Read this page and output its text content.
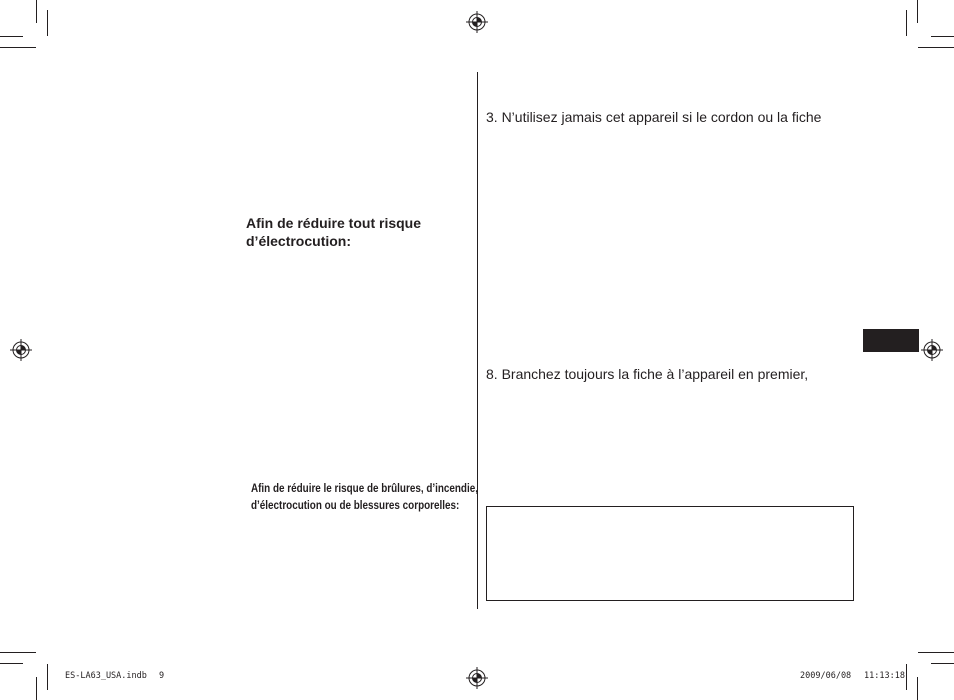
Afin de réduire tout risque
d’électrocution:
Afin de réduire le risque de brûlures, d’incendie,
d’électrocution ou de blessures corporelles:
3. N’utilisez jamais cet appareil si le cordon ou la fiche
8. Branchez toujours la fiche à l’appareil en premier,
ES-LA63_USA.indb 9	2009/06/08 11:13:18
